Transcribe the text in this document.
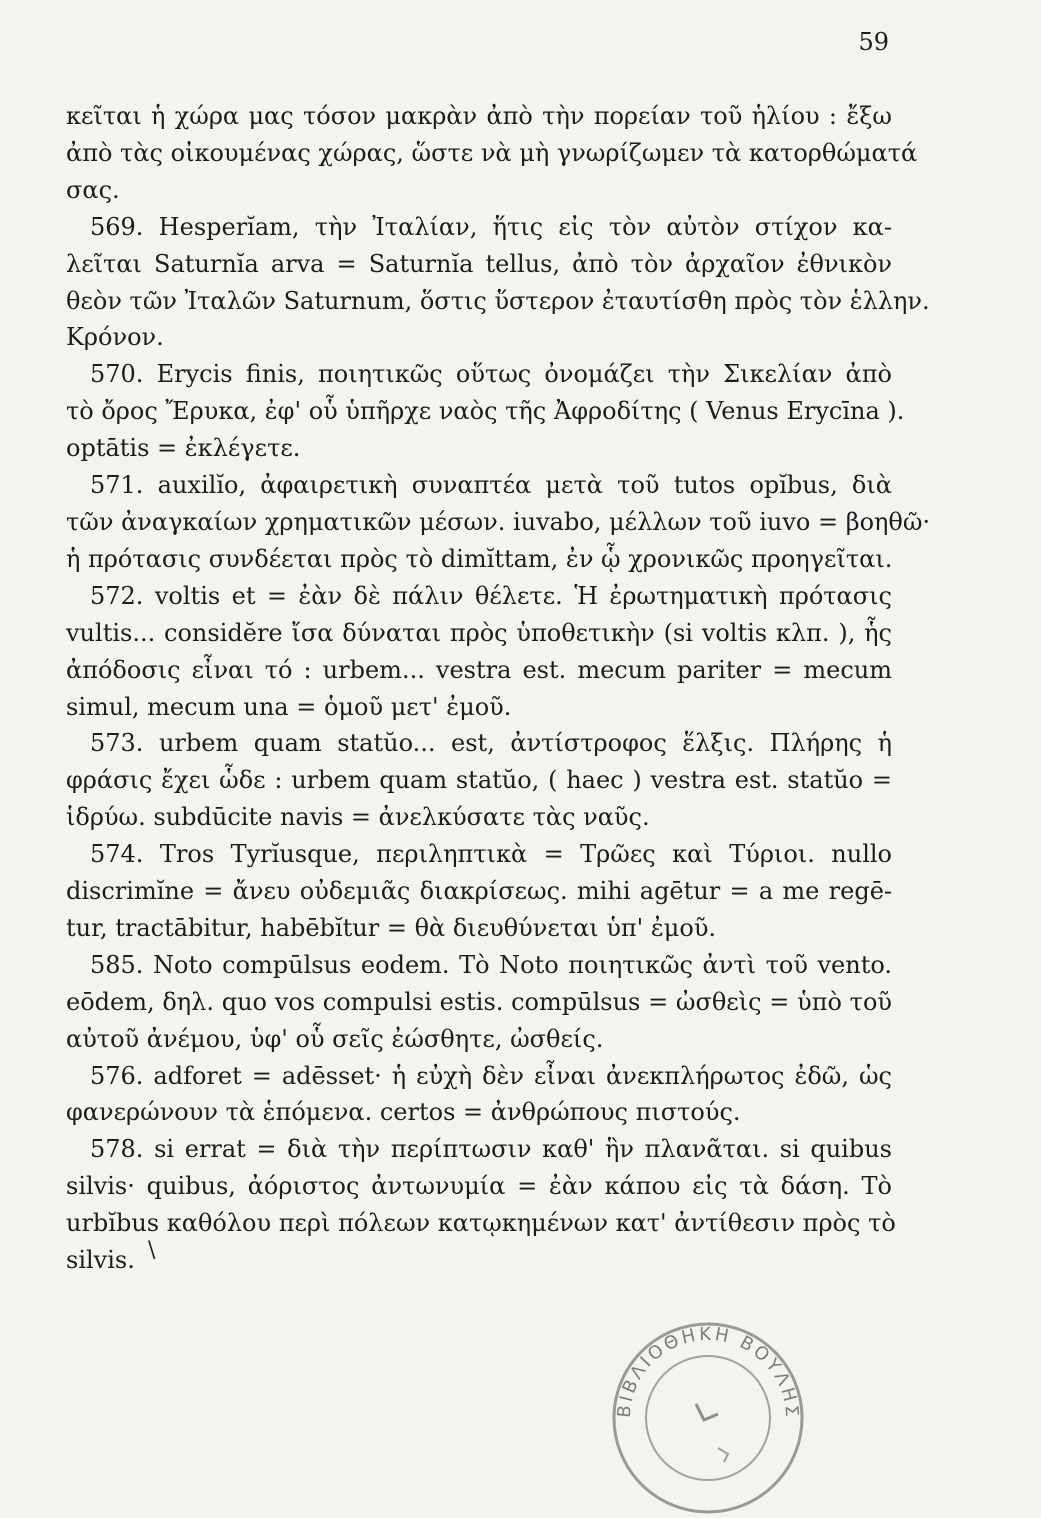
59
κεῖται ἡ χώρα μας τόσον μακρὰν ἀπὸ τὴν πορείαν τοῦ ἡλίου : ἔξω
ἀπὸ τὰς οἰκουμένας χώρας, ὥστε νὰ μὴ γνωρίζωμεν τὰ κατορθώματά
σας.
569. Hesperĭam, τὴν Ἰταλίαν, ἥτις εἰς τὸν αὐτὸν στίχον κα-
λεῖται Saturnĭa arva = Saturnĭa tellus, ἀπὸ τὸν ἀρχαῖον ἐθνικὸν
θεὸν τῶν Ἰταλῶν Saturnum, ὅστις ὕστερον ἐταυτίσθη πρὸς τὸν ἑλλην.
Κρόνον.
570. Erycis finis, ποιητικῶς οὕτως ὀνομάζει τὴν Σικελίαν ἀπὸ
τὸ ὄρος Ἔρυκα, ἐφ' οὗ ὑπῆρχε ναὸς τῆς Ἀφροδίτης ( Venus Erycīna ).
optātis = ἐκλέγετε.
571. auxilĭo, ἀφαιρετικὴ συναπτέα μετὰ τοῦ tutos opĭbus, διὰ
τῶν ἀναγκαίων χρηματικῶν μέσων. iuvabo, μέλλων τοῦ iuvo = βοηθῶ·
ἡ πρότασις συνδέεται πρὸς τὸ dimĭttam, ἐν ᾧ χρονικῶς προηγεῖται.
572. voltis et = ἐὰν δὲ πάλιν θέλετε. Ἡ ἐρωτηματικὴ πρότασις
vultis... considĕre ἴσα δύναται πρὸς ὑποθετικὴν (si voltis κλπ. ), ἧς
ἀπόδοσις εἶναι τό : urbem... vestra est. mecum pariter = mecum
simul, mecum una = ὁμοῦ μετ' ἐμοῦ.
573. urbem quam statŭo... est, ἀντίστροφος ἕλξις. Πλήρης ἡ
φράσις ἔχει ὧδε : urbem quam statŭo, ( haec ) vestra est. statŭo =
ἱδρύω. subdūcite navis = ἀνελκύσατε τὰς ναῦς.
574. Tros Tyrĭusque, περιληπτικὰ = Τρῶες καὶ Τύριοι. nullo
discrimĭne = ἄνευ οὐδεμιᾶς διακρίσεως. mihi agētur = a me regē-
tur, tractābitur, habēbĭtur = θὰ διευθύνεται ὑπ' ἐμοῦ.
585. Noto compūlsus eodem. Τὸ Noto ποιητικῶς ἀντὶ τοῦ vento.
eōdem, δηλ. quo vos compulsi estis. compūlsus = ὠσθεὶς = ὑπὸ τοῦ
αὐτοῦ ἀνέμου, ὑφ' οὗ σεῖς ἐώσθητε, ὠσθείς.
576. adforet = adēsset· ἡ εὐχὴ δὲν εἶναι ἀνεκπλήρωτος ἐδῶ, ὡς
φανερώνουν τὰ ἑπόμενα. certos = ἀνθρώπους πιστούς.
578. si errat = διὰ τὴν περίπτωσιν καθ' ἣν πλανᾶται. si quibus
silvis· quibus, ἀόριστος ἀντωνυμία = ἐὰν κάπου εἰς τὰ δάση. Τὸ
urbĭbus καθόλου περὶ πόλεων κατῳκημένων κατ' ἀντίθεσιν πρὸς τὸ
silvis. \
ΒΙΒΛΙΟΘΗΚΗ ΒΟΥΛΗΣ
